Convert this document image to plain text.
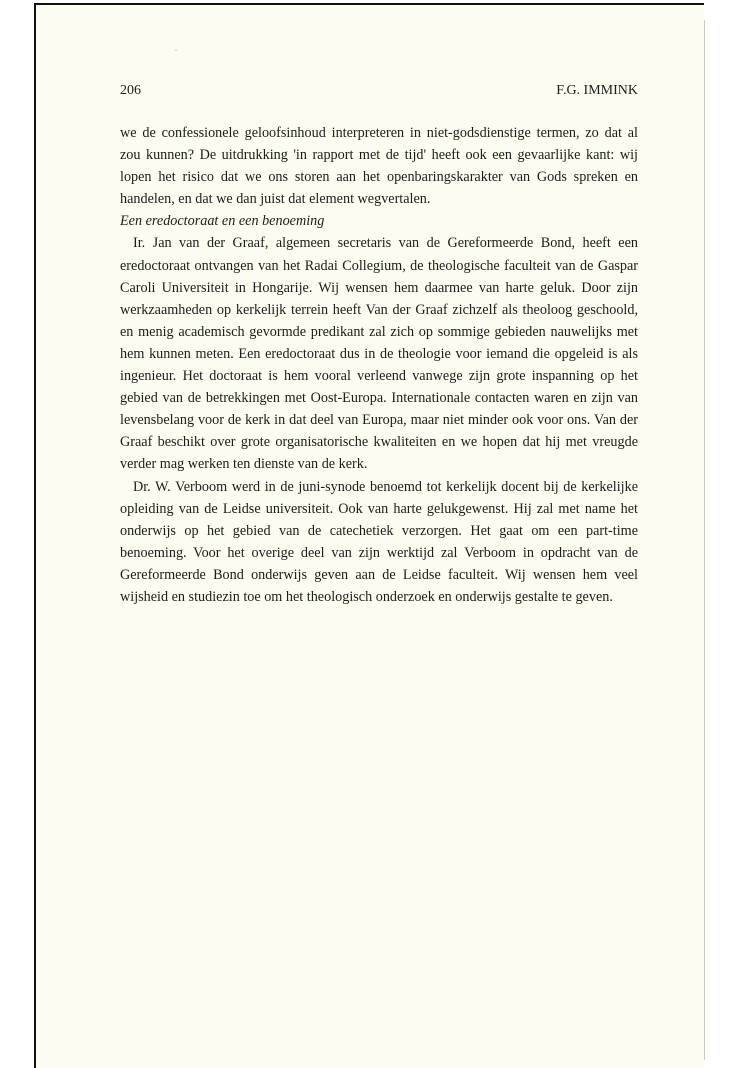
206	F.G. IMMINK

we de confessionele geloofsinhoud interpreteren in niet-godsdienstige termen, zo dat al zou kunnen? De uitdrukking 'in rapport met de tijd' heeft ook een gevaarlijke kant: wij lopen het risico dat we ons storen aan het openbaringskarakter van Gods spreken en handelen, en dat we dan juist dat element wegvertalen.

Een eredoctoraat en een benoeming

Ir. Jan van der Graaf, algemeen secretaris van de Gereformeerde Bond, heeft een eredoctoraat ontvangen van het Radai Collegium, de theologische faculteit van de Gaspar Caroli Universiteit in Hongarije. Wij wensen hem daarmee van harte geluk. Door zijn werkzaamheden op kerkelijk terrein heeft Van der Graaf zichzelf als theoloog geschoold, en menig academisch gevormde predikant zal zich op sommige gebieden nauwelijks met hem kunnen meten. Een eredoctoraat dus in de theologie voor iemand die opgeleid is als ingenieur. Het doctoraat is hem vooral verleend vanwege zijn grote inspanning op het gebied van de betrekkingen met Oost-Europa. Internationale contacten waren en zijn van levensbelang voor de kerk in dat deel van Europa, maar niet minder ook voor ons. Van der Graaf beschikt over grote organisatorische kwaliteiten en we hopen dat hij met vreugde verder mag werken ten dienste van de kerk.

Dr. W. Verboom werd in de juni-synode benoemd tot kerkelijk docent bij de kerkelijke opleiding van de Leidse universiteit. Ook van harte gelukgewenst. Hij zal met name het onderwijs op het gebied van de catechetiek verzorgen. Het gaat om een part-time benoeming. Voor het overige deel van zijn werktijd zal Verboom in opdracht van de Gereformeerde Bond onderwijs geven aan de Leidse faculteit. Wij wensen hem veel wijsheid en studiezin toe om het theologisch onderzoek en onderwijs gestalte te geven.
